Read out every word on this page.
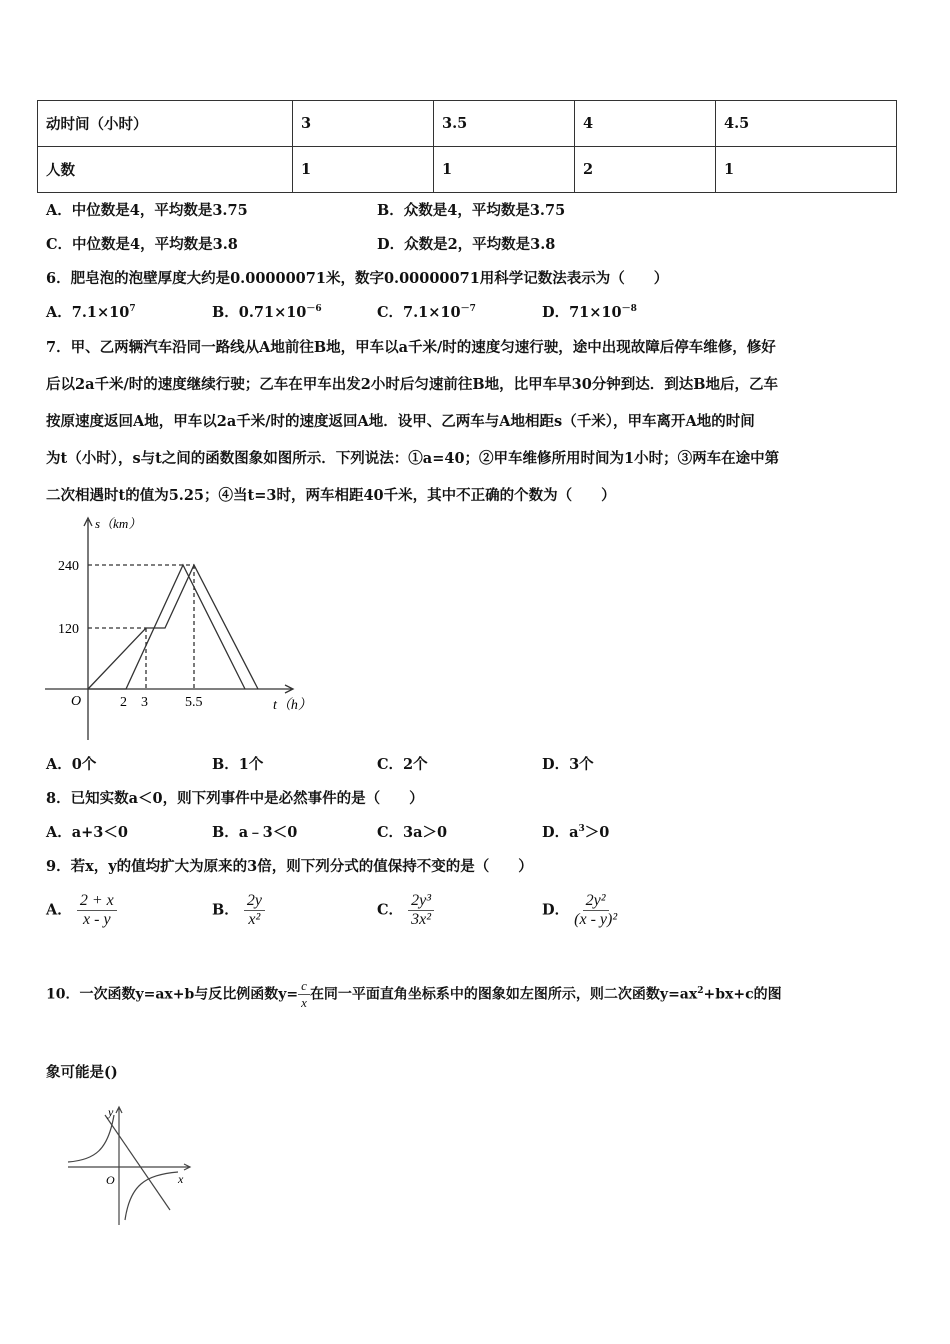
动时间（小时）	3	3.5	4	4.5
人数	1	1	2	1
A．中位数是4，平均数是3.75	B．众数是4，平均数是3.75
C．中位数是4，平均数是3.8	D．众数是2，平均数是3.8
6．肥皂泡的泡壁厚度大约是0.00000071米，数字0.00000071用科学记数法表示为（　　）
A．$7.1\times 10^7$	B．$0.71\times 10^{-6}$	C．$7.1\times 10^{-7}$	D．$71\times 10^{-8}$
7．甲、乙两辆汽车沿同一路线从A地前往B地，甲车以a千米/时的速度匀速行驶，途中出现故障后停车维修，修好
后以2a千米/时的速度继续行驶；乙车在甲车出发2小时后匀速前往B地，比甲车早30分钟到达．到达B地后，乙车
按原速度返回A地，甲车以2a千米/时的速度返回A地．设甲、乙两车与A地相距s（千米），甲车离开A地的时间
为t（小时），s与t之间的函数图象如图所示．下列说法：①a=40；②甲车维修所用时间为1小时；③两车在途中第
二次相遇时t的值为5.25；④当t=3时，两车相距40千米，其中不正确的个数为（　　）
s（km）
240
120
O	2 3	5.5	t（h）
y
O	x
A．0个	B．1个	C．2个	D．3个
8．已知实数a＜0，则下列事件中是必然事件的是（　　）
A．a+3＜0	B．a﹣3＜0	C．3a＞0	D．$a^3>0$
9．若x，y的值均扩大为原来的3倍，则下列分式的值保持不变的是（　　）
A． $\frac{2 + x}{x - y}$	B． $\frac{2y}{\text{x²}}$	C． $\frac{\text{2y³}}{\text{3x²}}$	D． $\frac{\text{2y²}}{\text{(x - y)²}}$
10．一次函数y=ax+b与反比例函数$y= \frac{c}{x}$ 在同一平面直角坐标系中的图象如左图所示，则二次函数$y=ax^2+bx+c$的图
象可能是()
